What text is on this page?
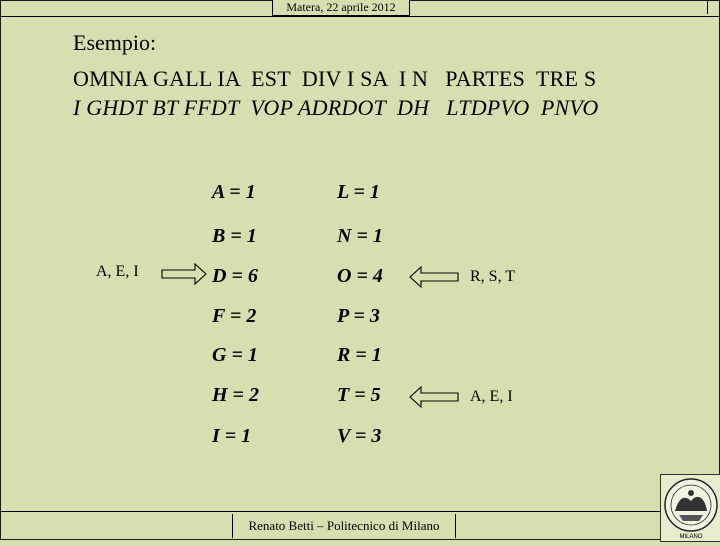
Matera, 22 aprile 2012
Esempio:
OMNIA GALL IA  EST  DIV I SA  I N   PARTES  TRE S
I GHDT BT FFDT  VOP ADRDOT  DH   LTDPVO  PNVO
A = 1
B = 1
D = 6
F = 2
G = 1
H = 2
I = 1
L = 1
N = 1
O = 4
P = 3
R = 1
T = 5
V = 3
A, E, I	R, S, T
A, E, I
Renato Betti – Politecnico di Milano
MILANO
